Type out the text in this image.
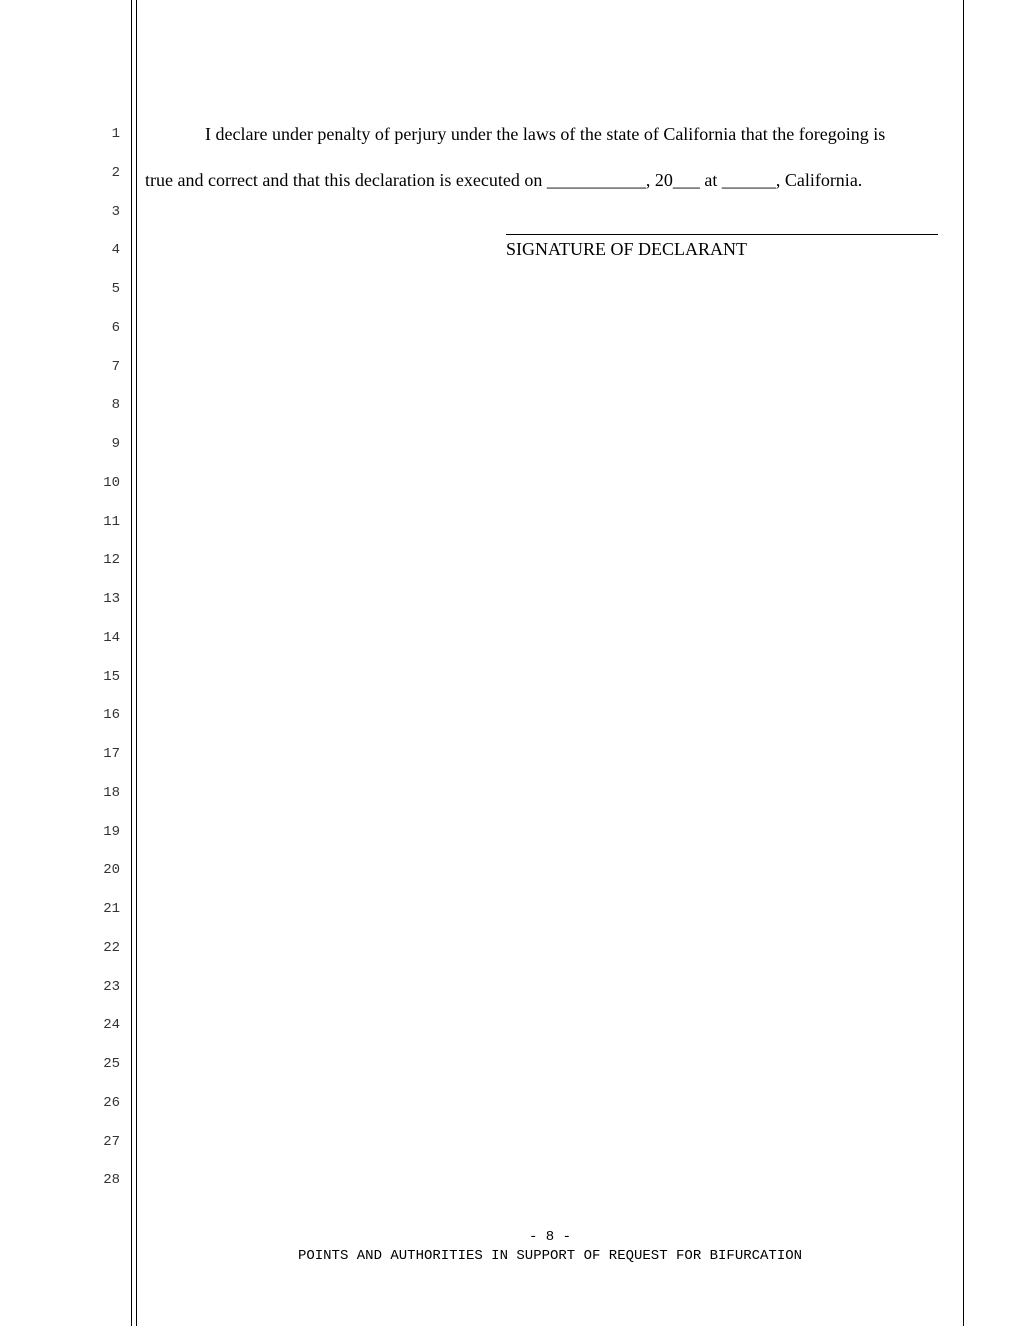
1
2
3
4
5
6
7
8
9
10
11
12
13
14
15
16
17
18
19
20
21
22
23
24
25
26
27
28
I declare under penalty of perjury under the laws of the state of California that the foregoing is
true and correct and that this declaration is executed on ___________, 20___ at ______, California.
SIGNATURE OF DECLARANT
- 8 -
POINTS AND AUTHORITIES IN SUPPORT OF REQUEST FOR BIFURCATION
